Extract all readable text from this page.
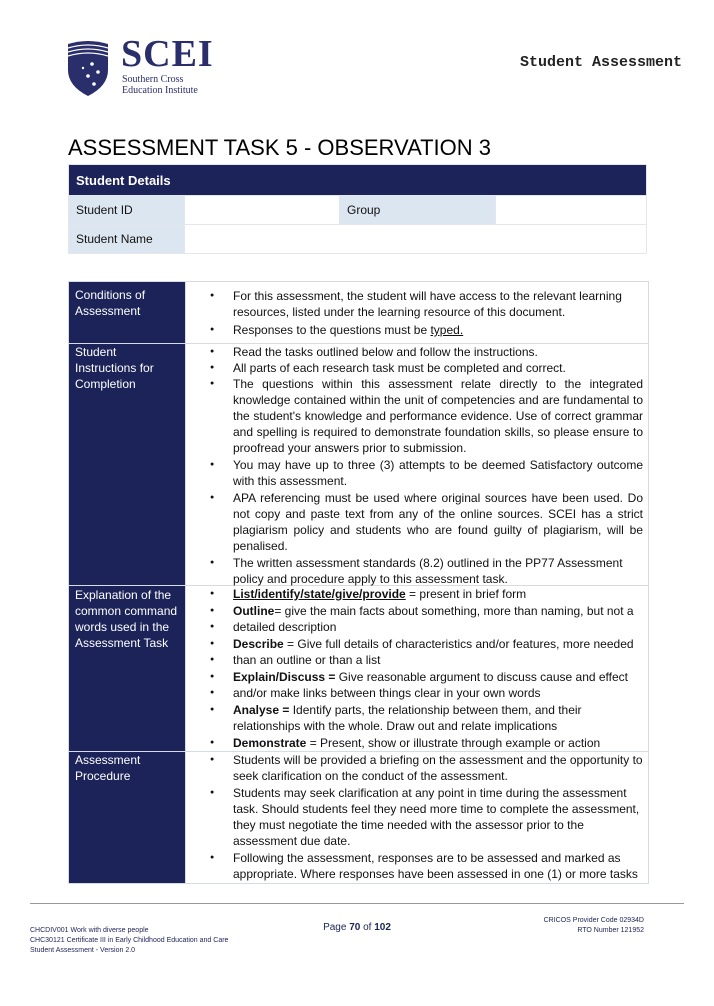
SCEI
Southern Cross
Education Institute
Student Assessment
ASSESSMENT TASK 5 - OBSERVATION 3
Student Details			
Student ID		Group	
Student Name			
Conditions of Assessment
● For this assessment, the student will have access to the relevant learning resources, listed under the learning resource of this document.
● Responses to the questions must be typed.
Student Instructions for Completion
● Read the tasks outlined below and follow the instructions.
● All parts of each research task must be completed and correct.
● The questions within this assessment relate directly to the integrated knowledge contained within the unit of competencies and are fundamental to the student's knowledge and performance evidence. Use of correct grammar and spelling is required to demonstrate foundation skills, so please ensure to proofread your answers prior to submission.
● You may have up to three (3) attempts to be deemed Satisfactory outcome with this assessment.
● APA referencing must be used where original sources have been used. Do not copy and paste text from any of the online sources. SCEI has a strict plagiarism policy and students who are found guilty of plagiarism, will be penalised.
● The written assessment standards (8.2) outlined in the PP77 Assessment policy and procedure apply to this assessment task.
Explanation of the common command words used in the Assessment Task
● List/identify/state/give/provide = present in brief form
● Outline= give the main facts about something, more than naming, but not a
● detailed description
● Describe = Give full details of characteristics and/or features, more needed
● than an outline or than a list
● Explain/Discuss = Give reasonable argument to discuss cause and effect
● and/or make links between things clear in your own words
● Analyse = Identify parts, the relationship between them, and their relationships with the whole. Draw out and relate implications
● Demonstrate = Present, show or illustrate through example or action
Assessment Procedure
● Students will be provided a briefing on the assessment and the opportunity to seek clarification on the conduct of the assessment.
● Students may seek clarification at any point in time during the assessment task. Should students feel they need more time to complete the assessment, they must negotiate the time needed with the assessor prior to the assessment due date.
● Following the assessment, responses are to be assessed and marked as appropriate. Where responses have been assessed in one (1) or more tasks
CHCDIV001 Work with diverse people
CHC30121 Certificate III in Early Childhood Education and Care
Student Assessment - Version 2.0
Page 70 of 102
CRICOS Provider Code 02934D
RTO Number 121952
